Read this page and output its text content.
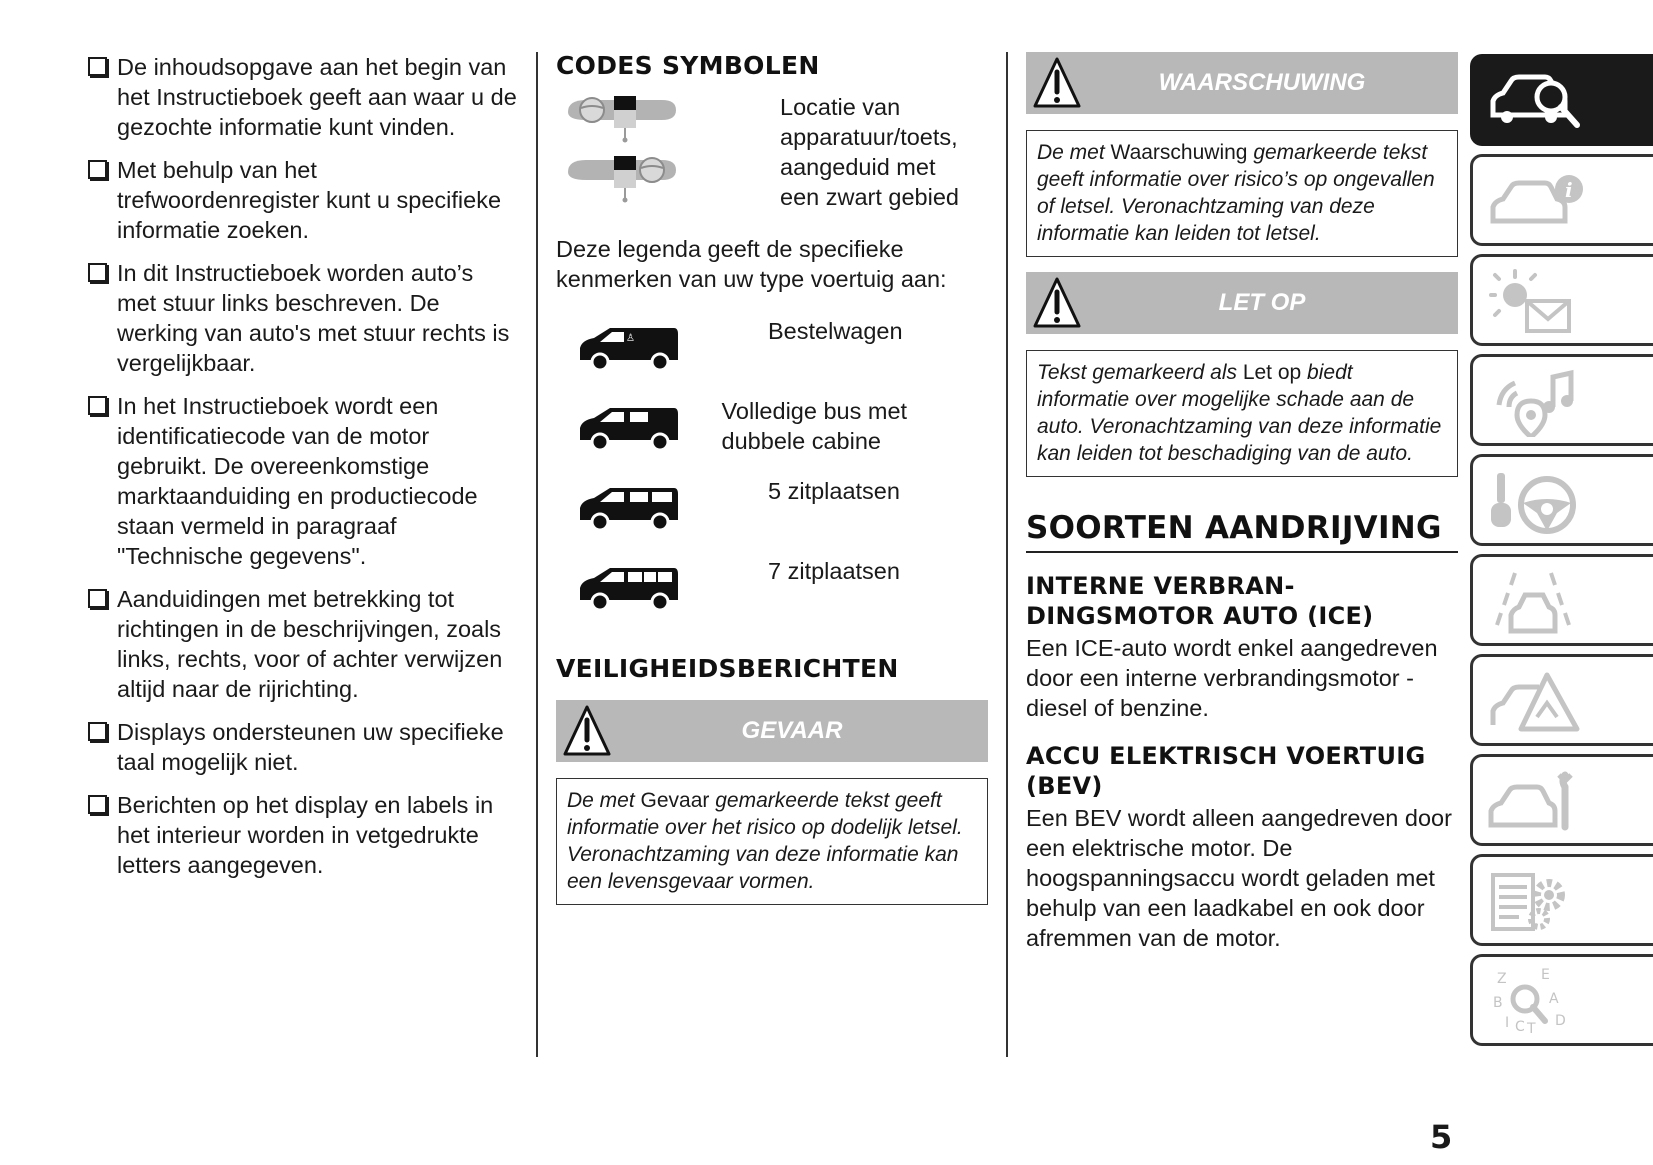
De inhoudsopgave aan het begin van het Instructieboek geeft aan waar u de gezochte informatie kunt vinden.
Met behulp van het trefwoordenregister kunt u specifieke informatie zoeken.
In dit Instructieboek worden auto’s met stuur links beschreven. De werking van auto's met stuur rechts is vergelijkbaar.
In het Instructieboek wordt een identificatiecode van de motor gebruikt. De overeenkomstige marktaanduiding en productiecode staan vermeld in paragraaf "Technische gegevens".
Aanduidingen met betrekking tot richtingen in de beschrijvingen, zoals links, rechts, voor of achter verwijzen altijd naar de rijrichting.
Displays ondersteunen uw specifieke taal mogelijk niet.
Berichten op het display en labels in het interieur worden in vetgedrukte letters aangegeven.
CODES SYMBOLEN
Locatie van apparatuur/toets, aangeduid met een zwart gebied

Deze legenda geeft de specifieke kenmerken van uw type voertuig aan:

♙	Bestelwagen
Volledige bus met dubbele cabine
5 zitplaatsen
7 zitplaatsen
VEILIGHEIDSBERICHTEN
GEVAAR
De met Gevaar gemarkeerde tekst geeft informatie over het risico op dodelijk letsel. Veronachtzaming van deze informatie kan een levensgevaar vormen.
WAARSCHUWING
De met Waarschuwing gemarkeerde tekst geeft informatie over risico’s op ongevallen of letsel. Veronachtzaming van deze informatie kan leiden tot letsel.
LET OP
Tekst gemarkeerd als Let op biedt informatie over mogelijke schade aan de auto. Veronachtzaming van deze informatie kan leiden tot beschadiging van de auto.
SOORTEN AANDRIJVING
INTERNE VERBRAN-DINGSMOTOR AUTO (ICE)

Een ICE-auto wordt enkel aangedreven door een interne verbrandingsmotor - diesel of benzine.

ACCU ELEKTRISCH VOERTUIG (BEV)

Een BEV wordt alleen aangedreven door een elektrische motor. De hoogspanningsaccu wordt geladen met behulp van een laadkabel en ook door afremmen van de motor.

i
Z E
B	A
I C T D
5
